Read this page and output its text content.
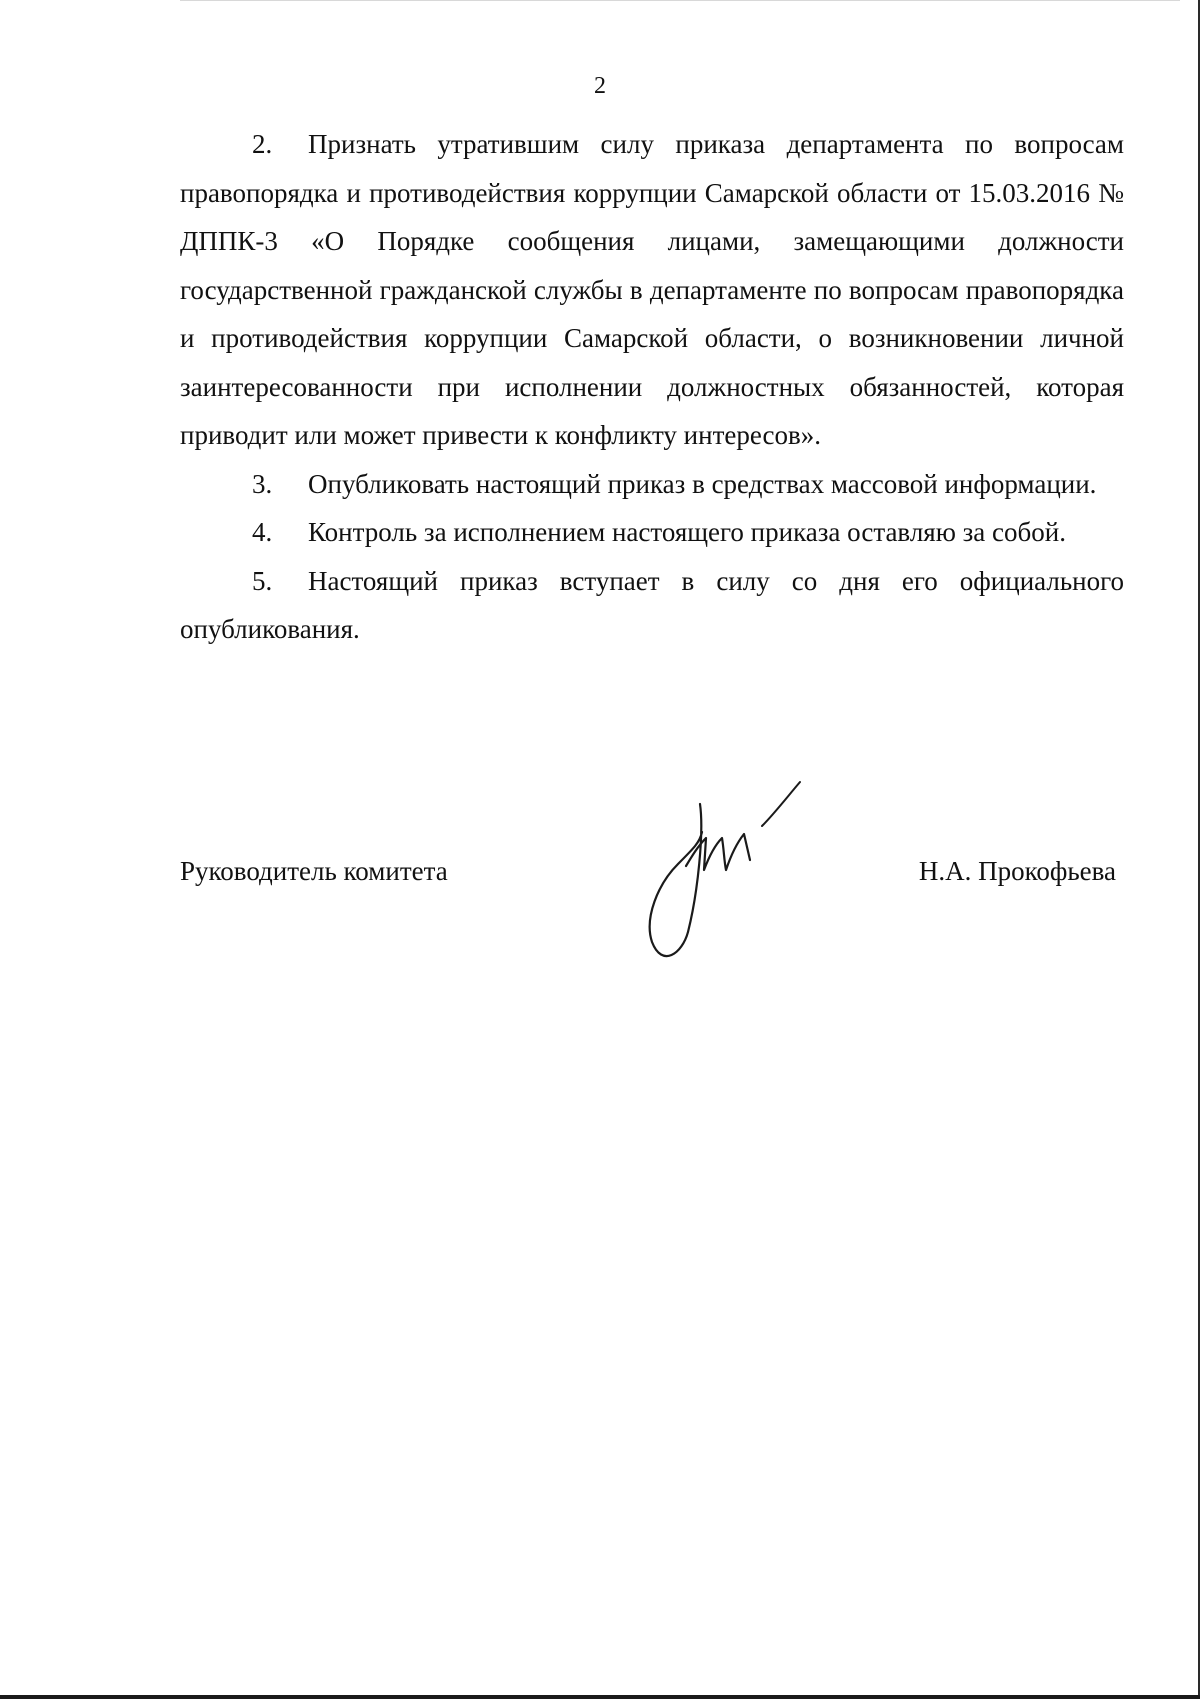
2

2. Признать утратившим силу приказа департамента по вопросам правопорядка и противодействия коррупции Самарской области от 15.03.2016 № ДППК-3 «О Порядке сообщения лицами, замещающими должности государственной гражданской службы в департаменте по вопросам правопорядка и противодействия коррупции Самарской области, о возникновении личной заинтересованности при исполнении должностных обязанностей, которая приводит или может привести к конфликту интересов».

3. Опубликовать настоящий приказ в средствах массовой информации.

4. Контроль за исполнением настоящего приказа оставляю за собой.

5. Настоящий приказ вступает в силу со дня его официального опубликования.

Руководитель комитета	Н.А. Прокофьева
